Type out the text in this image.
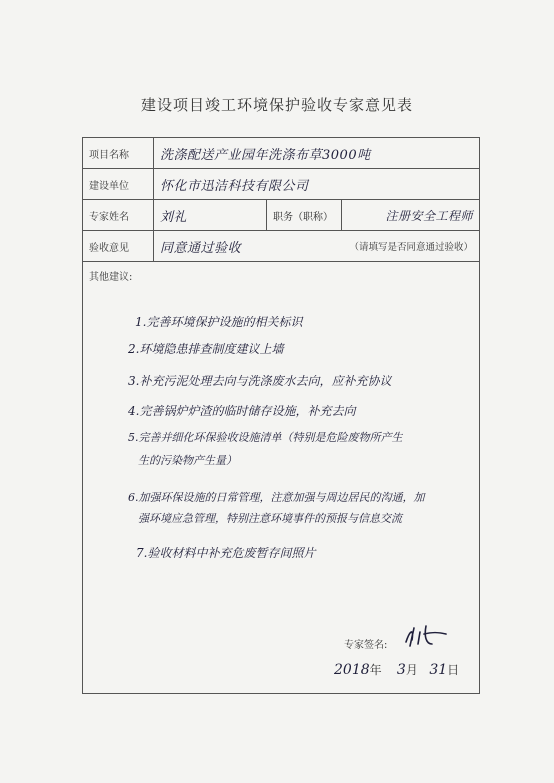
建设项目竣工环境保护验收专家意见表
项目名称	洗涤配送产业园年洗涤布草3000吨		
建设单位	怀化市迅洁科技有限公司		
专家姓名	刘礼	职务（职称）	注册安全工程师
验收意见	同意通过验收	（请填写是否同意通过验收）	
其他建议:			
1.完善环境保护设施的相关标识
2.环境隐患排查制度建议上墙
3.补充污泥处理去向与洗涤废水去向，应补充协议
4.完善锅炉炉渣的临时储存设施，补充去向
5.完善并细化环保验收设施清单（特别是危险废物所产生
生的污染物产生量）
6.加强环保设施的日常管理，注意加强与周边居民的沟通，加
强环境应急管理，特别注意环境事件的预报与信息交流
7.验收材料中补充危废暂存间照片
专家签名:
2018年 3月 31日
